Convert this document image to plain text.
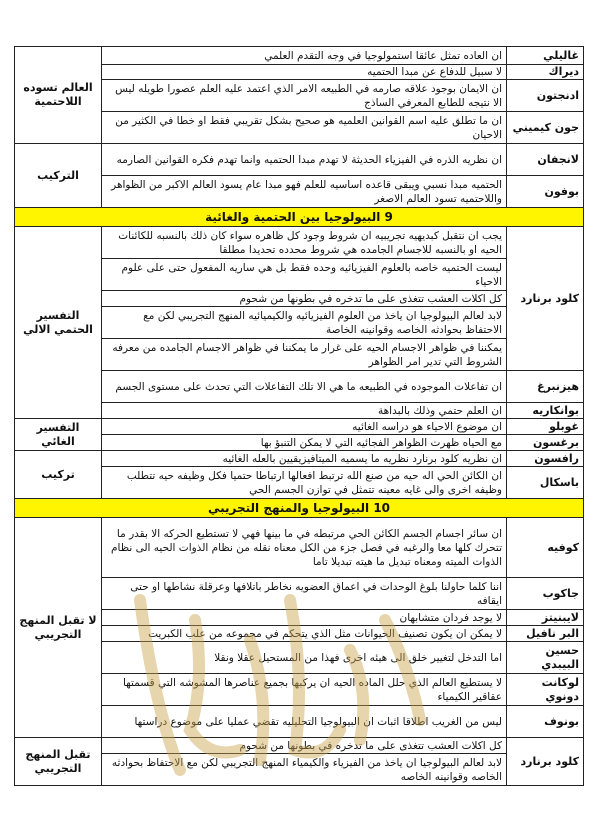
غاليلي	ان العاده تمثل عائقا استمولوجيا في وجه التقدم العلمي	العالم تسوده اللاحتمية
ديراك	لا سبيل للدفاع عن مبدا الحتميه	
ادنجتون	ان الايمان بوجود علاقه صارمه في الطبيعه الامر الذي اعتمد عليه العلم عصورا طويله ليس الا نتيجه للطابع المعرفي الساذج	
جون كيميني	ان ما تطلق عليه اسم القوانين العلميه هو صحيح بشكل تقريبي فقط او خطا في الكثير من الاحيان	
لانجفان	ان نظريه الذره في الفيزياء الحديثة لا تهدم مبدا الحتميه وانما تهدم فكره القوانين الصارمه	التركيب
بوفون	الحتميه مبدا نسبي ويبقى قاعده اساسيه للعلم فهو مبدا عام يسود العالم الاكبر من الظواهر واللاحتميه تسود العالم الاصغر	
9 البيولوجيا بين الحتمية والغائية		
كلود برنارد	يجب ان نتقبل كبديهيه تجريبيه ان شروط وجود كل ظاهره سواء كان ذلك بالنسبه للكائنات الحيه او بالنسبه للاجسام الجامده هي شروط محدده تحديدا مطلقا	التفسير الحتمي الالي
	ليست الحتميه خاصه بالعلوم الفيزيائيه وحده فقط بل هي ساريه المفعول حتى على علوم الاحياء	
	كل اكلات العشب تتغذى على ما تدخره في بطونها من شحوم	
	لابد لعالم البيولوجيا ان ياخذ من العلوم الفيزيائيه والكيميائيه المنهج التجريبي لكن مع الاحتفاظ بحوادثه الخاصه وقوانينه الخاصة	
	يمكننا في ظواهر الاجسام الحيه على غرار ما يمكننا في ظواهر الاجسام الجامده من معرفه الشروط التي تدير امر الظواهر	
هيزنبرغ	ان تفاعلات الموجوده في الطبيعه ما هي الا تلك التفاعلات التي تحدث على مستوى الجسم	
بوانكاريه	ان العلم حتمي وذلك بالبداهة	
غوبلو	ان موضوع الاحياء هو دراسه الغائيه	التفسير الغائي
برغسون	مع الحياه ظهرت الظواهر الفجائيه التي لا يمكن التنبؤ بها	
رافسون	ان نظريه كلود برنارد نظريه ما يسميه الميتافيزيقيين بالعله الغائيه	تركيب
باسكال	ان الكائن الحي اله حيه من صنع الله ترتبط افعالها ارتباطا حتميا فكل وظيفه حيه تتطلب وظيفه اخرى والى غايه معينه تتمثل في توازن الجسم الحي	
10 البيولوجيا والمنهج التجريبي		
كوفيه	ان سائر اجسام الجسم الكائن الحي مرتبطه في ما بينها فهي لا تستطيع الحركه الا بقدر ما تتحرك كلها معا والرغبه في فصل جزء من الكل معناه نقله من نظام الذوات الحيه الى نظام الذوات الميته ومعناه تبديل ما هيته تبديلا تاما	لا تقبل المنهج التجريبي
جاكوب	اننا كلما حاولنا بلوغ الوحدات في اعماق العضويه نخاطر باتلافها وعرقلة نشاطها او حتى ايقافه	
لايبنيتز	لا يوجد فردان متشابهان	
البر نافيل	لا يمكن ان يكون تصنيف الحيوانات مثل الذي يتحكم في مجموعه من علب الكبريت	
حسين البيبدي	اما التدخل لتغيير خلق الى هيئه اخرى فهذا من المستحيل عقلا ونقلا	
لوكانت دونوي	لا يستطيع العالم الذي حلل الماده الحيه ان يركبها بجميع عناصرها المشوشه التي قسمتها عقاقير الكيمياء	
بونوف	ليس من الغريب اطلاقا اثبات ان البيولوجيا التحليليه تقضي عمليا على موضوع دراستها	
كلود برنارد	كل اكلات العشب تتغذى على ما تدخره في بطونها من شحوم	تقبل المنهج التجريبي
	لابد لعالم البيولوجيا ان ياخذ من الفيزياء والكيمياء المنهج التجريبي لكن مع الاحتفاظ بحوادثه الخاصه وقوانينه الخاصه	
